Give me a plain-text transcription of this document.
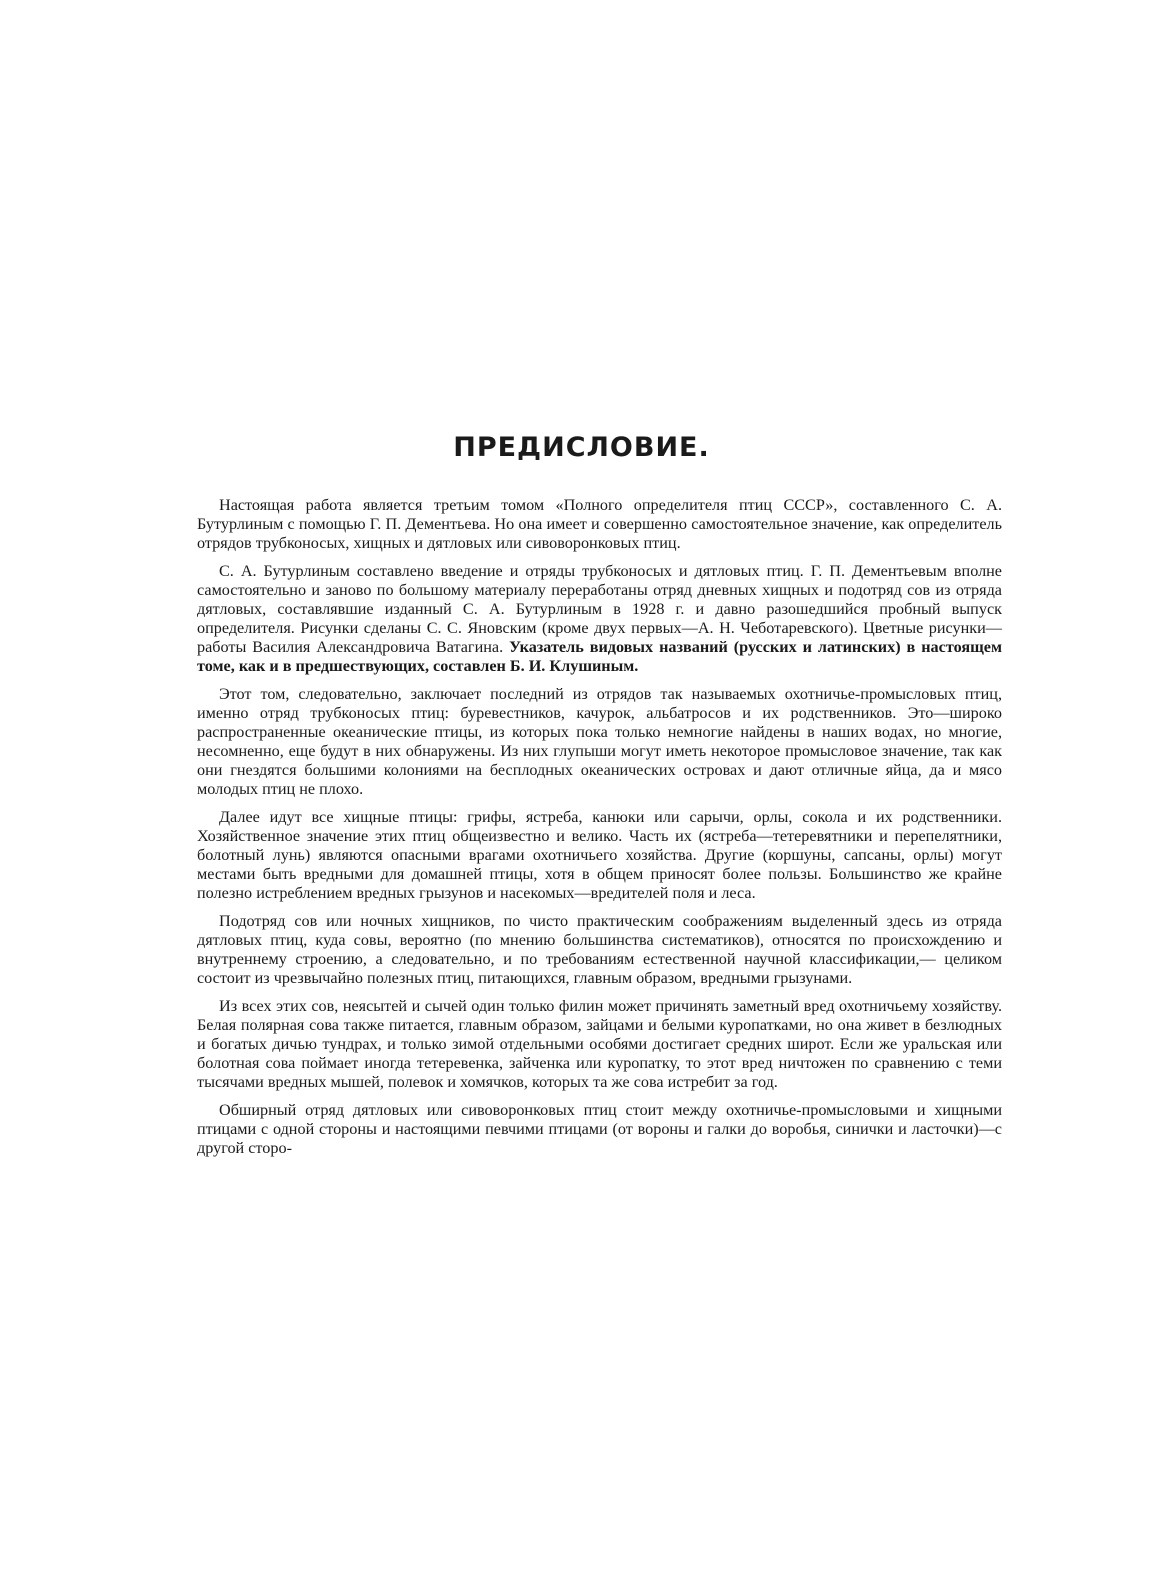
ПРЕДИСЛОВИЕ.

Настоящая работа является третьим томом «Полного определителя птиц СССР», составленного С. А. Бутурлиным с помощью Г. П. Дементьева. Но она имеет и совершенно самостоятельное значение, как определитель отрядов трубконосых, хищных и дятловых или сивоворонковых птиц.

С. А. Бутурлиным составлено введение и отряды трубконосых и дятловых птиц. Г. П. Дементьевым вполне самостоятельно и заново по большому материалу переработаны отряд дневных хищных и подотряд сов из отряда дятловых, составлявшие изданный С. А. Бутурлиным в 1928 г. и давно разошедшийся пробный выпуск определителя. Рисунки сделаны С. С. Яновским (кроме двух первых—А. Н. Чеботаревского). Цветные рисунки—работы Василия Александровича Ватагина. Указатель видовых названий (русских и латинских) в настоящем томе, как и в предшествующих, составлен Б. И. Клушиным.

Этот том, следовательно, заключает последний из отрядов так называемых охотничье-промысловых птиц, именно отряд трубконосых птиц: буревестников, качурок, альбатросов и их родственников. Это—широко распространенные океанические птицы, из которых пока только немногие найдены в наших водах, но многие, несомненно, еще будут в них обнаружены. Из них глупыши могут иметь некоторое промысловое значение, так как они гнездятся большими колониями на бесплодных океанических островах и дают отличные яйца, да и мясо молодых птиц не плохо.

Далее идут все хищные птицы: грифы, ястреба, канюки или сарычи, орлы, сокола и их родственники. Хозяйственное значение этих птиц общеизвестно и велико. Часть их (ястреба—тетеревятники и перепелятники, болотный лунь) являются опасными врагами охотничьего хозяйства. Другие (коршуны, сапсаны, орлы) могут местами быть вредными для домашней птицы, хотя в общем приносят более пользы. Большинство же крайне полезно истреблением вредных грызунов и насекомых—вредителей поля и леса.

Подотряд сов или ночных хищников, по чисто практическим соображениям выделенный здесь из отряда дятловых птиц, куда совы, вероятно (по мнению большинства систематиков), относятся по происхождению и внутреннему строению, а следовательно, и по требованиям естественной научной классификации,— целиком состоит из чрезвычайно полезных птиц, питающихся, главным образом, вредными грызунами.

Из всех этих сов, неясытей и сычей один только филин может причинять заметный вред охотничьему хозяйству. Белая полярная сова также питается, главным образом, зайцами и белыми куропатками, но она живет в безлюдных и богатых дичью тундрах, и только зимой отдельными особями достигает средних широт. Если же уральская или болотная сова поймает иногда тетеревенка, зайченка или куропатку, то этот вред ничтожен по сравнению с теми тысячами вредных мышей, полевок и хомячков, которых та же сова истребит за год.

Обширный отряд дятловых или сивоворонковых птиц стоит между охотничье-промысловыми и хищными птицами с одной стороны и настоящими певчими птицами (от вороны и галки до воробья, синички и ласточки)—с другой сторо-
